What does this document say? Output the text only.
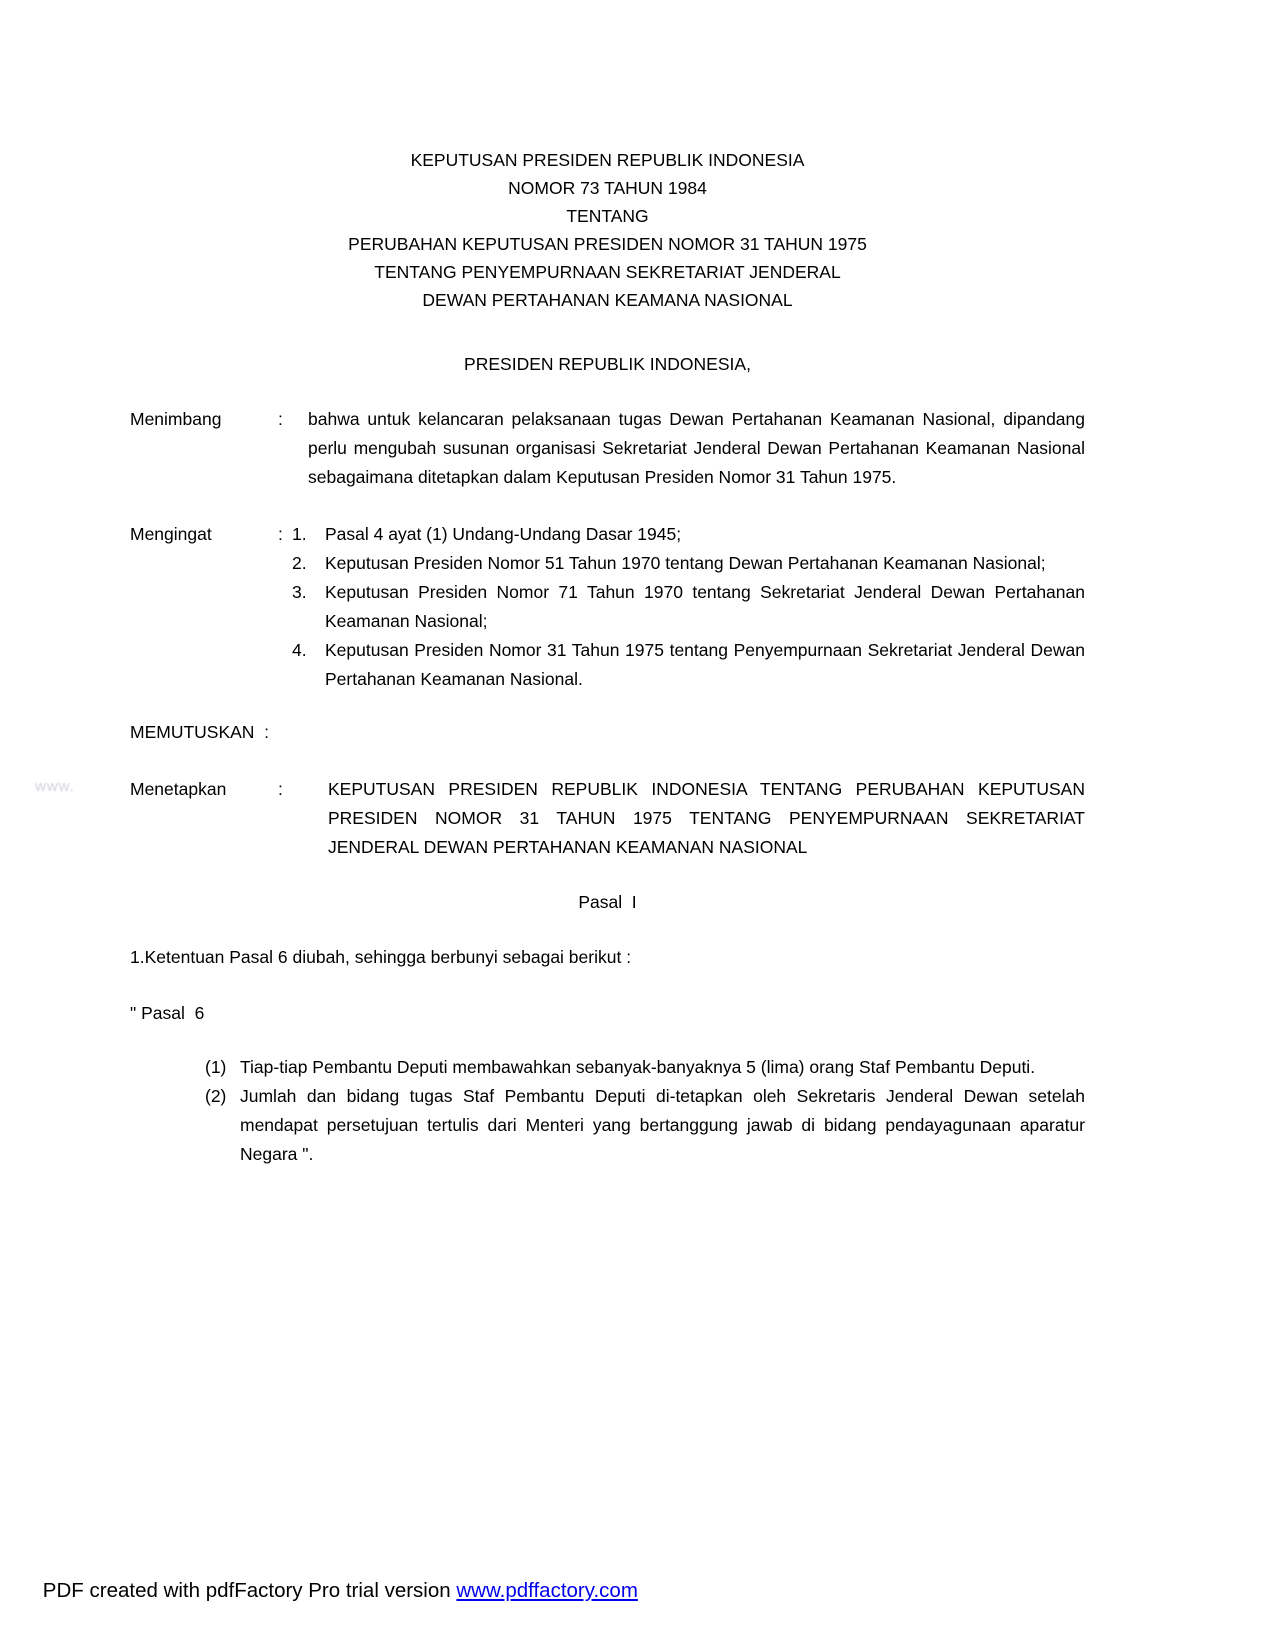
www.
KEPUTUSAN PRESIDEN REPUBLIK INDONESIA
NOMOR 73 TAHUN 1984
TENTANG
PERUBAHAN KEPUTUSAN PRESIDEN NOMOR 31 TAHUN 1975
TENTANG PENYEMPURNAAN SEKRETARIAT JENDERAL
DEWAN PERTAHANAN KEAMANA NASIONAL
PRESIDEN REPUBLIK INDONESIA,
Menimbang	:	bahwa untuk kelancaran pelaksanaan tugas Dewan Pertahanan Keamanan Nasional, dipandang perlu mengubah susunan organisasi Sekretariat Jenderal Dewan Pertahanan Keamanan Nasional sebagaimana ditetapkan dalam Keputusan Presiden Nomor 31 Tahun 1975.
Mengingat	: 1.	Pasal 4 ayat (1) Undang-Undang Dasar 1945;
2.	Keputusan Presiden Nomor 51 Tahun 1970 tentang Dewan Pertahanan Keamanan Nasional;
3.	Keputusan Presiden Nomor 71 Tahun 1970 tentang Sekretariat Jenderal Dewan Pertahanan Keamanan Nasional;
4.	Keputusan Presiden Nomor 31 Tahun 1975 tentang Penyempurnaan Sekretariat Jenderal Dewan Pertahanan Keamanan Nasional.
MEMUTUSKAN  :
Menetapkan	:	KEPUTUSAN PRESIDEN REPUBLIK INDONESIA TENTANG PERUBAHAN KEPUTUSAN PRESIDEN NOMOR 31 TAHUN 1975 TENTANG PENYEMPURNAAN SEKRETARIAT JENDERAL DEWAN PERTAHANAN KEAMANAN NASIONAL
Pasal  I
1.Ketentuan Pasal 6 diubah, sehingga berbunyi sebagai berikut :
" Pasal  6
(1) Tiap-tiap Pembantu Deputi membawahkan sebanyak-banyaknya 5 (lima) orang Staf Pembantu Deputi.
(2) Jumlah dan bidang tugas Staf Pembantu Deputi di-tetapkan oleh Sekretaris Jenderal Dewan setelah mendapat persetujuan tertulis dari Menteri yang bertanggung jawab di bidang pendayagunaan aparatur Negara ".

PDF created with pdfFactory Pro trial version www.pdffactory.com
